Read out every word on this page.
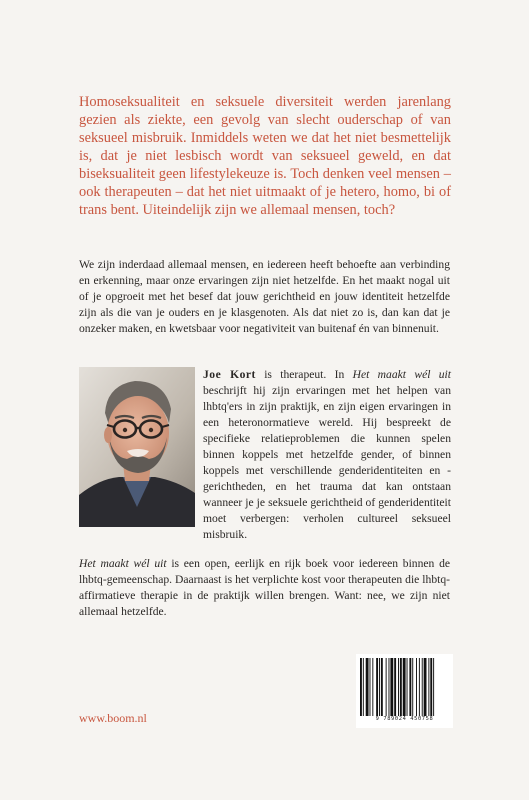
Homoseksualiteit en seksuele diversiteit werden jarenlang gezien als ziekte, een gevolg van slecht ouderschap of van seksueel misbruik. Inmiddels weten we dat het niet besmettelijk is, dat je niet lesbisch wordt van seksueel geweld, en dat biseksualiteit geen lifestylekeuze is. Toch denken veel mensen – ook therapeuten – dat het niet uitmaakt of je hetero, homo, bi of trans bent. Uiteindelijk zijn we allemaal mensen, toch?

We zijn inderdaad allemaal mensen, en iedereen heeft behoefte aan verbinding en erkenning, maar onze ervaringen zijn niet hetzelfde. En het maakt nogal uit of je opgroeit met het besef dat jouw gerichtheid en jouw identiteit hetzelfde zijn als die van je ouders en je klasgenoten. Als dat niet zo is, dan kan dat je onzeker maken, en kwetsbaar voor negativiteit van buitenaf én van binnenuit.

Joe Kort is therapeut. In Het maakt wél uit beschrijft hij zijn ervaringen met het helpen van lhbtq'ers in zijn praktijk, en zijn eigen ervaringen in een heteronormatieve wereld. Hij bespreekt de specifieke relatieproblemen die kunnen spelen binnen koppels met hetzelfde gender, of binnen koppels met verschillende genderidentiteiten en -gerichtheden, en het trauma dat kan ontstaan wanneer je je seksuele gerichtheid of genderidentiteit moet verbergen: verholen cultureel seksueel misbruik.

Het maakt wél uit is een open, eerlijk en rijk boek voor iedereen binnen de lhbtq-gemeenschap. Daarnaast is het verplichte kost voor therapeuten die lhbtq-affirmatieve therapie in de praktijk willen brengen. Want: nee, we zijn niet allemaal hetzelfde.

www.boom.nl	9 789024 450758
